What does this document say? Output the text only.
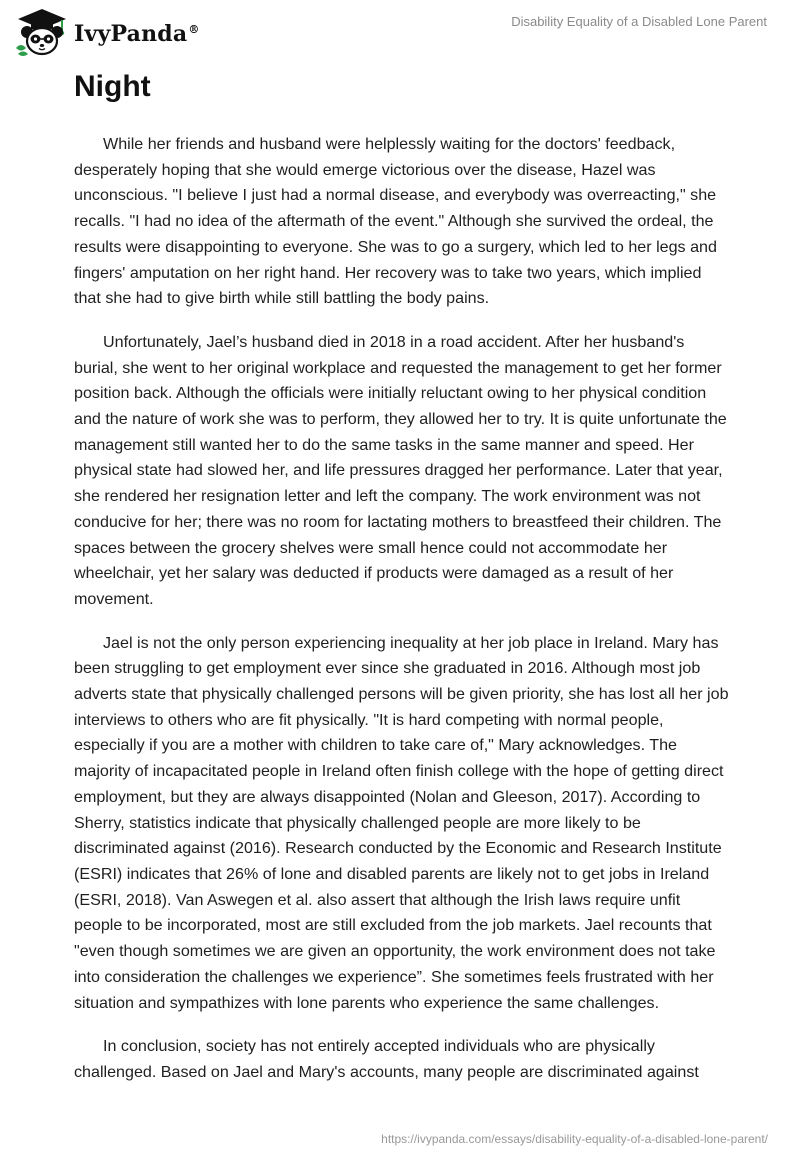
IvyPanda®
Disability Equality of a Disabled Lone Parent
Night

While her friends and husband were helplessly waiting for the doctors' feedback, desperately hoping that she would emerge victorious over the disease, Hazel was unconscious. "I believe I just had a normal disease, and everybody was overreacting," she recalls. "I had no idea of the aftermath of the event." Although she survived the ordeal, the results were disappointing to everyone. She was to go a surgery, which led to her legs and fingers' amputation on her right hand. Her recovery was to take two years, which implied that she had to give birth while still battling the body pains.

Unfortunately, Jael’s husband died in 2018 in a road accident. After her husband's burial, she went to her original workplace and requested the management to get her former position back. Although the officials were initially reluctant owing to her physical condition and the nature of work she was to perform, they allowed her to try. It is quite unfortunate the management still wanted her to do the same tasks in the same manner and speed. Her physical state had slowed her, and life pressures dragged her performance. Later that year, she rendered her resignation letter and left the company. The work environment was not conducive for her; there was no room for lactating mothers to breastfeed their children. The spaces between the grocery shelves were small hence could not accommodate her wheelchair, yet her salary was deducted if products were damaged as a result of her movement.

Jael is not the only person experiencing inequality at her job place in Ireland. Mary has been struggling to get employment ever since she graduated in 2016. Although most job adverts state that physically challenged persons will be given priority, she has lost all her job interviews to others who are fit physically. "It is hard competing with normal people, especially if you are a mother with children to take care of," Mary acknowledges. The majority of incapacitated people in Ireland often finish college with the hope of getting direct employment, but they are always disappointed (Nolan and Gleeson, 2017). According to Sherry, statistics indicate that physically challenged people are more likely to be discriminated against (2016). Research conducted by the Economic and Research Institute (ESRI) indicates that 26% of lone and disabled parents are likely not to get jobs in Ireland (ESRI, 2018). Van Aswegen et al. also assert that although the Irish laws require unfit people to be incorporated, most are still excluded from the job markets. Jael recounts that "even though sometimes we are given an opportunity, the work environment does not take into consideration the challenges we experience”. She sometimes feels frustrated with her situation and sympathizes with lone parents who experience the same challenges.

In conclusion, society has not entirely accepted individuals who are physically challenged. Based on Jael and Mary's accounts, many people are discriminated against

https://ivypanda.com/essays/disability-equality-of-a-disabled-lone-parent/
